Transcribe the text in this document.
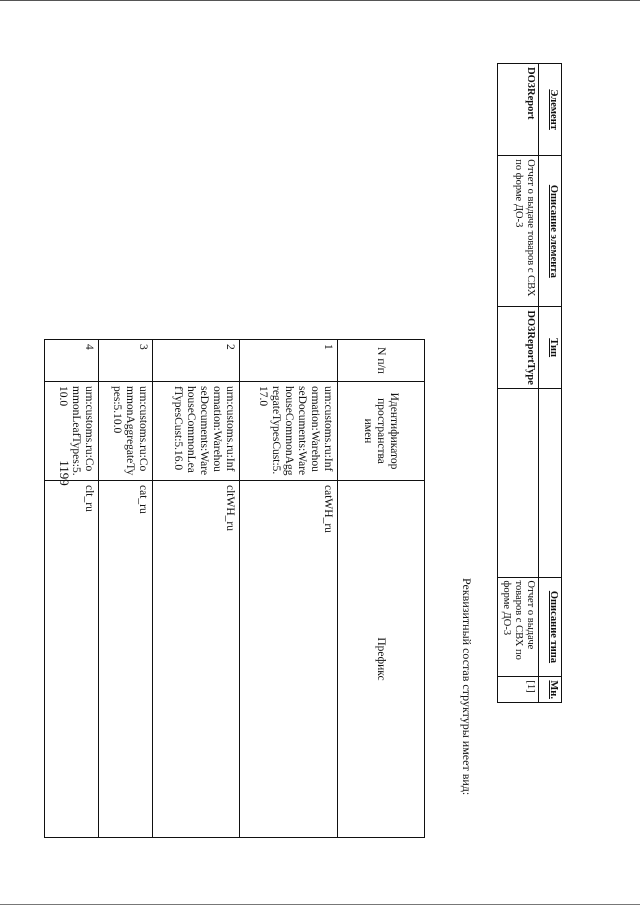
1199
N п/п	Идентификатор пространства имен	Префикс
1	urn:customs.ru:Information:WarehouseDocuments:WarehouseCommonAggregateTypesCust:5.17.0	catWH_ru
2	urn:customs.ru:Information:WarehouseDocuments:WarehouseCommonLeafTypesCust:5.16.0	cltWH_ru
3	urn:customs.ru:CommonAggregateTypes:5.10.0	cat_ru
4	urn:customs.ru:CommonLeafTypes:5.10.0	clt_ru
Реквизитный состав структуры имеет вид:
Элемент	Описание элемента	Тип		Описание типа	Мн.
DO3Report	Отчет о выдаче товаров с СВХ по форме ДО-3	DO3ReportType		Отчет о выдаче товаров с СВХ по форме ДО-3	[1]
